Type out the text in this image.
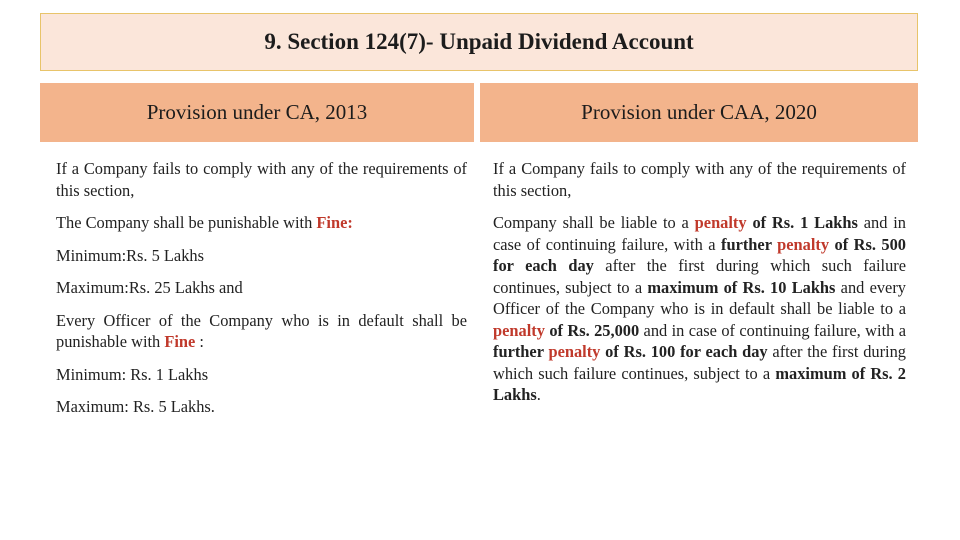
9. Section 124(7)- Unpaid Dividend Account
Provision under CA, 2013	Provision under CAA, 2020

If a Company fails to comply with any of the requirements of this section,

The Company shall be punishable with Fine:

Minimum:Rs. 5 Lakhs

Maximum:Rs. 25 Lakhs and

Every Officer of the Company who is in default shall be punishable with Fine :

Minimum: Rs. 1 Lakhs

Maximum: Rs. 5 Lakhs.

If a Company fails to comply with any of the requirements of this section,

Company shall be liable to a penalty of Rs. 1 Lakhs and in case of continuing failure, with a further penalty of Rs. 500 for each day after the first during which such failure continues, subject to a maximum of Rs. 10 Lakhs and every Officer of the Company who is in default shall be liable to a penalty of Rs. 25,000 and in case of continuing failure, with a further penalty of Rs. 100 for each day after the first during which such failure continues, subject to a maximum of Rs. 2 Lakhs.
